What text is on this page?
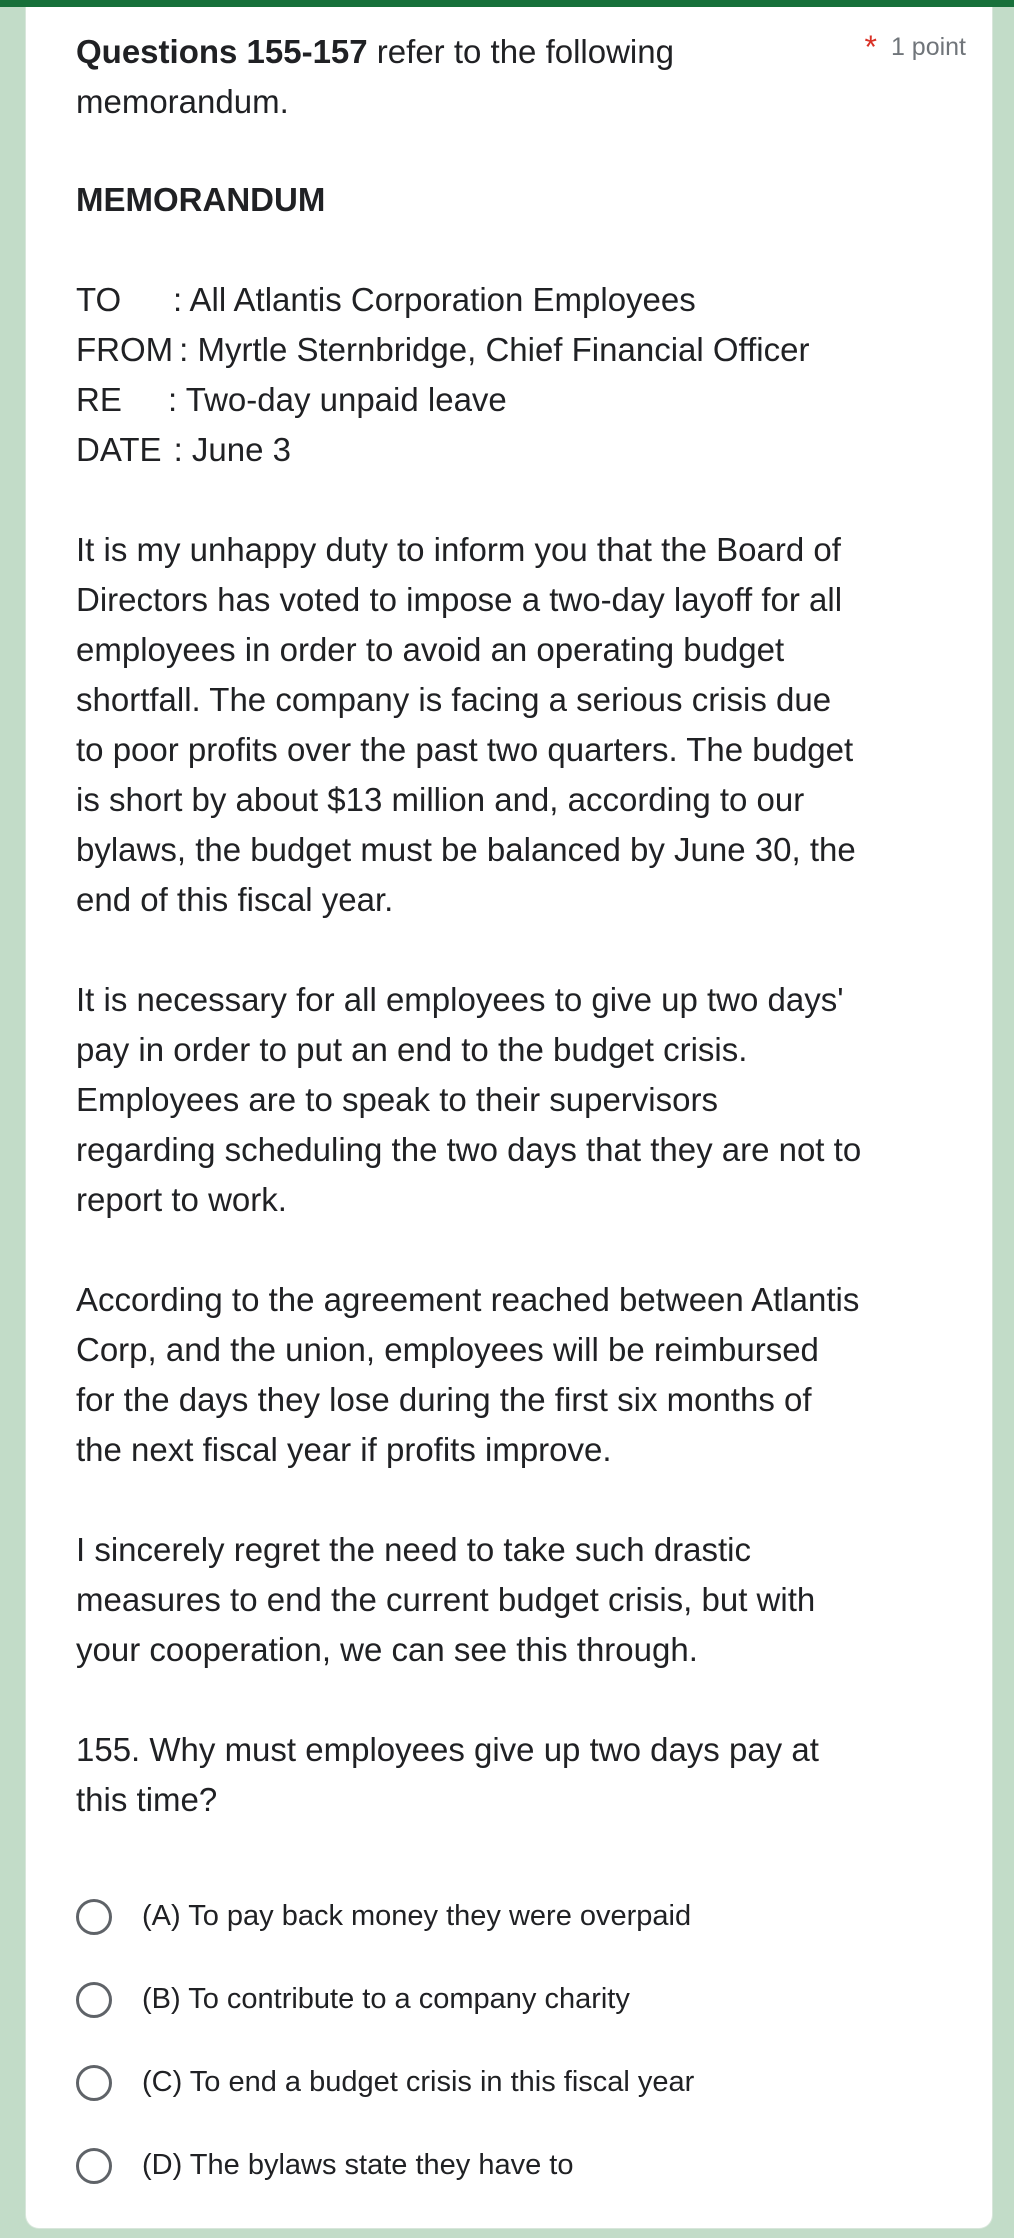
Questions 155-157 refer to the following memorandum.
* 1 point
MEMORANDUM
TO	: All Atlantis Corporation Employees
FROM : Myrtle Sternbridge, Chief Financial Officer
RE	: Two-day unpaid leave
DATE : June 3

It is my unhappy duty to inform you that the Board of Directors has voted to impose a two-day layoff for all employees in order to avoid an operating budget shortfall. The company is facing a serious crisis due to poor profits over the past two quarters. The budget is short by about $13 million and, according to our bylaws, the budget must be balanced by June 30, the end of this fiscal year.

It is necessary for all employees to give up two days' pay in order to put an end to the budget crisis. Employees are to speak to their supervisors regarding scheduling the two days that they are not to report to work.

According to the agreement reached between Atlantis Corp, and the union, employees will be reimbursed for the days they lose during the first six months of the next fiscal year if profits improve.

I sincerely regret the need to take such drastic measures to end the current budget crisis, but with your cooperation, we can see this through.

155. Why must employees give up two days pay at this time?

(A) To pay back money they were overpaid
(B) To contribute to a company charity
(C) To end a budget crisis in this fiscal year
(D) The bylaws state they have to
